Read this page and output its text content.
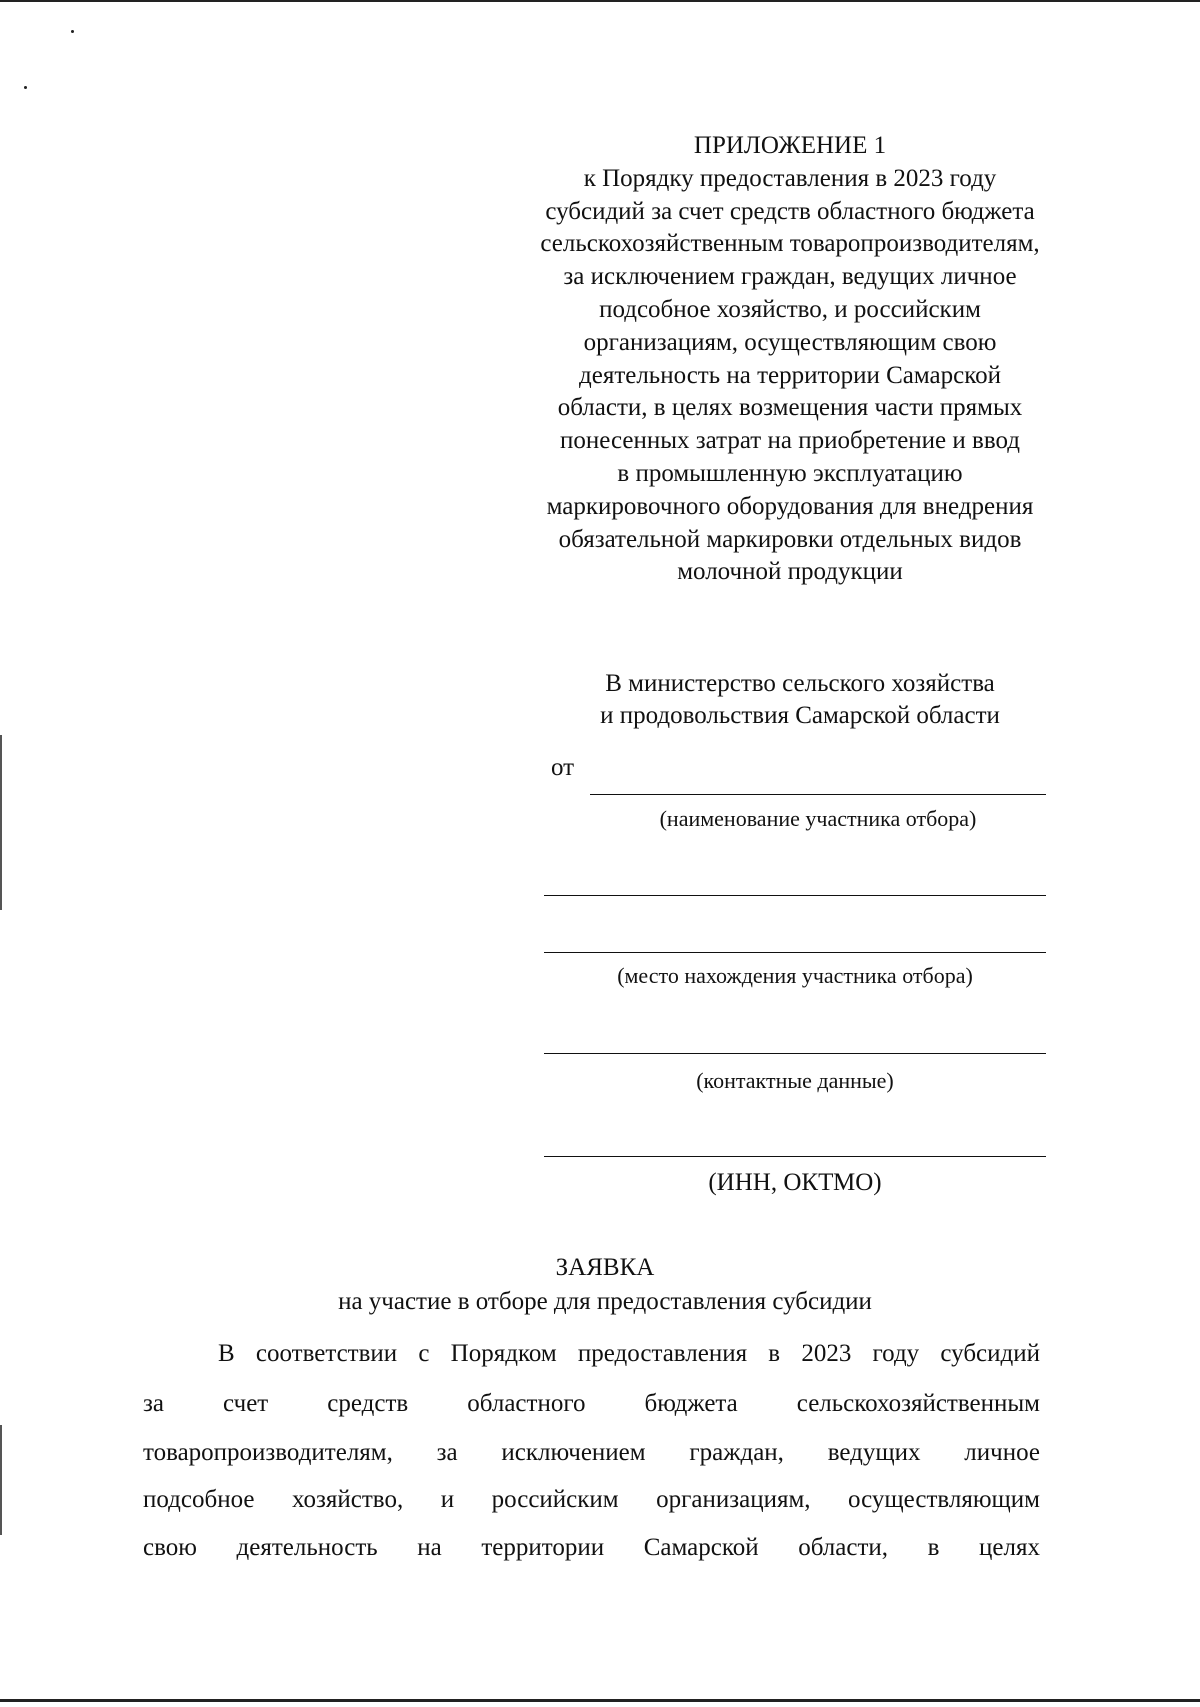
ПРИЛОЖЕНИЕ 1
к Порядку предоставления в 2023 году
субсидий за счет средств областного бюджета
сельскохозяйственным товаропроизводителям,
за исключением граждан, ведущих личное
подсобное хозяйство, и российским
организациям, осуществляющим свою
деятельность на территории Самарской
области, в целях возмещения части прямых
понесенных затрат на приобретение и ввод
в промышленную эксплуатацию
маркировочного оборудования для внедрения
обязательной маркировки отдельных видов
молочной продукции
В министерство сельского хозяйства
и продовольствия Самарской области
от
(наименование участника отбора)
(место нахождения участника отбора)
(контактные данные)
(ИНН, ОКТМО)
ЗАЯВКА
на участие в отборе для предоставления субсидии
В соответствии с Порядком предоставления в 2023 году субсидий
за счет средств областного бюджета сельскохозяйственным
товаропроизводителям, за исключением граждан, ведущих личное
подсобное хозяйство, и российским организациям, осуществляющим
свою деятельность на территории Самарской области, в целях
